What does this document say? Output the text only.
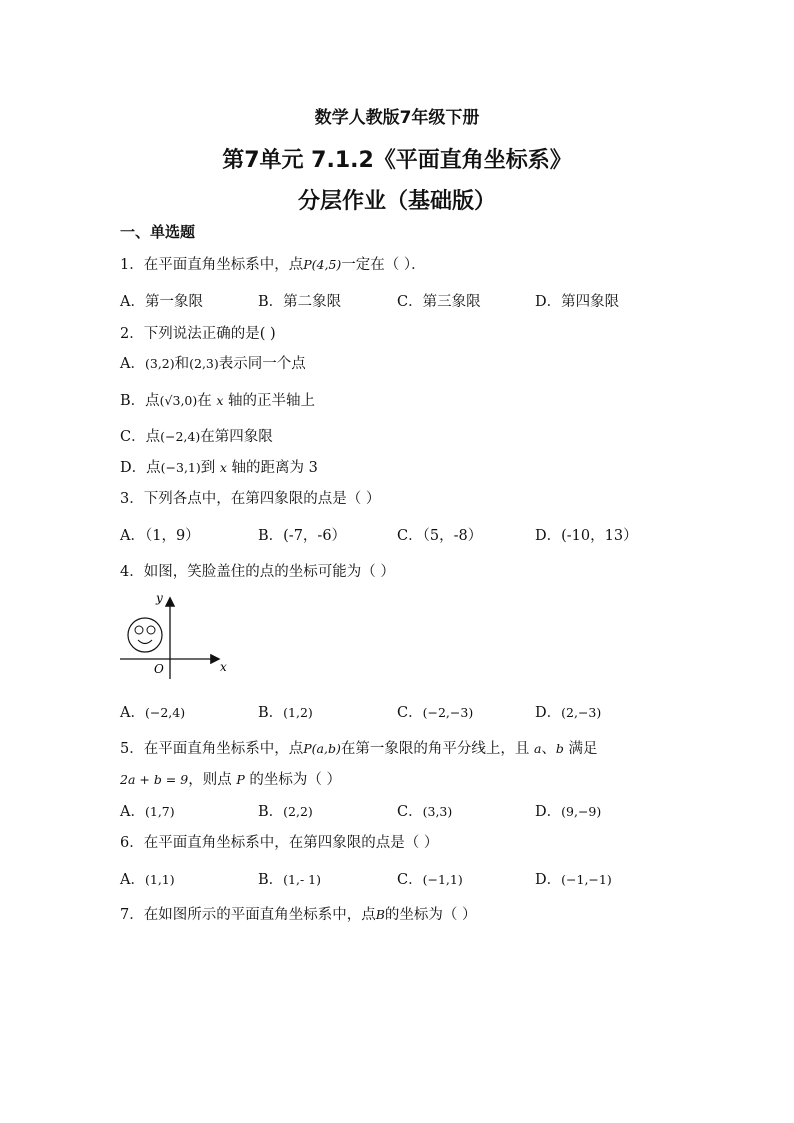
数学人教版7年级下册
第7单元 7.1.2《平面直角坐标系》
分层作业（基础版）
一、单选题
1．在平面直角坐标系中，点P(4,5)一定在（ ）．
A．第一象限	B．第二象限	C．第三象限	D．第四象限
2．下列说法正确的是( )
A．(3,2)和(2,3)表示同一个点
B．点(√3,0)在 x 轴的正半轴上
C．点(−2,4)在第四象限
D．点(−3,1)到 x 轴的距离为 3
3．下列各点中，在第四象限的点是（ ）
A．（1，9）	B．(-7，-6）	C．（5，-8）	D．(-10，13）
4．如图，笑脸盖住的点的坐标可能为（ ）
y
x
O
A．(−2,4)	B．(1,2)	C．(−2,−3)	D．(2,−3)
5．在平面直角坐标系中，点P(a,b)在第一象限的角平分线上，且 a、b 满足
2a + b = 9，则点 P 的坐标为（ ）
A．(1,7)	B．(2,2)	C．(3,3)	D．(9,−9)
6．在平面直角坐标系中，在第四象限的点是（ ）
A．(1,1)	B．(1,- 1)	C．(−1,1)	D．(−1,−1)
7．在如图所示的平面直角坐标系中，点B的坐标为（ ）
